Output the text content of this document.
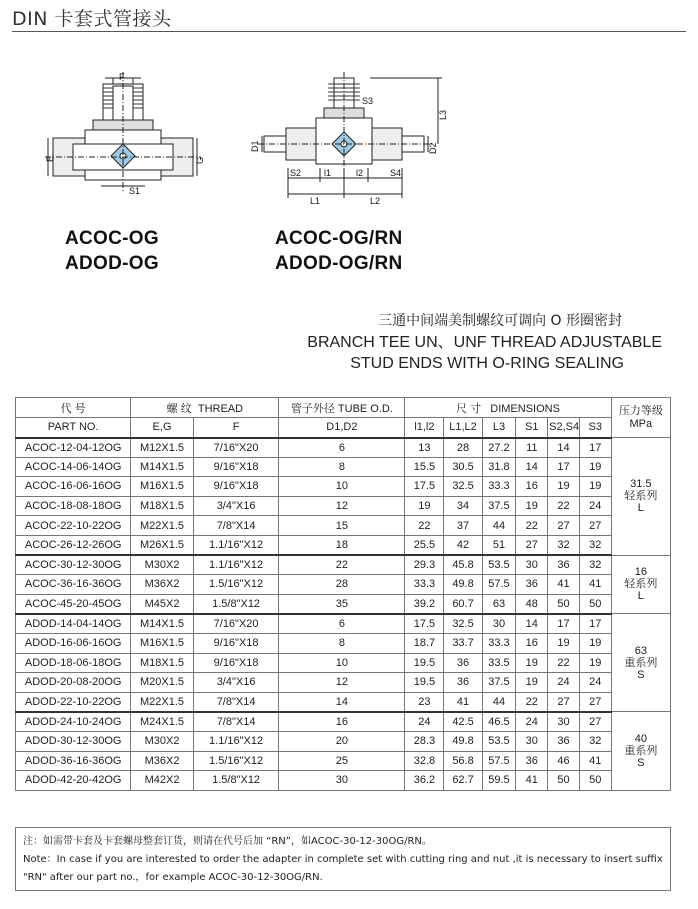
DIN 卡套式管接头
F
E	G
S1
S3
L3
D1	D2
S2	l1	l2	S4
L1	L2
ACOC-OG
ADOD-OG
ACOC-OG/RN
ADOD-OG/RN
三通中间端美制螺纹可调向 O 形圈密封
BRANCH TEE UN、UNF THREAD ADJUSTABLE
STUD ENDS WITH O-RING SEALING
代 号	螺 纹 THREAD		管子外径 TUBE O.D.	尺 寸 DIMENSIONS						压力等级
MPa
PART NO.	E,G	F	D1,D2	l1,l2	L1,L2	L3	S1	S2,S4	S3	
ACOC-12-04-12OG	M12X1.5	7/16"X20	6	13	28	27.2	11	14	17	31.5
轻系列
L

ACOC-14-06-14OG	M14X1.5	9/16"X18	8	15.5	30.5	31.8	14	17	19	
ACOC-16-06-16OG	M16X1.5	9/16"X18	10	17.5	32.5	33.3	16	19	19	
ACOC-18-08-18OG	M18X1.5	3/4"X16	12	19	34	37.5	19	22	24	
ACOC-22-10-22OG	M22X1.5	7/8"X14	15	22	37	44	22	27	27	
ACOC-26-12-26OG	M26X1.5	1.1/16"X12	18	25.5	42	51	27	32	32	
ACOC-30-12-30OG	M30X2	1.1/16"X12	22	29.3	45.8	53.5	30	36	32	16
轻系列
L

ACOC-36-16-36OG	M36X2	1.5/16"X12	28	33.3	49.8	57.5	36	41	41	
ACOC-45-20-45OG	M45X2	1.5/8"X12	35	39.2	60.7	63	48	50	50	
ADOD-14-04-14OG	M14X1.5	7/16"X20	6	17.5	32.5	30	14	17	17	63
重系列
S

ADOD-16-06-16OG	M16X1.5	9/16"X18	8	18.7	33.7	33.3	16	19	19	
ADOD-18-06-18OG	M18X1.5	9/16"X18	10	19.5	36	33.5	19	22	19	
ADOD-20-08-20OG	M20X1.5	3/4"X16	12	19.5	36	37.5	19	24	24	
ADOD-22-10-22OG	M22X1.5	7/8"X14	14	23	41	44	22	27	27	
ADOD-24-10-24OG	M24X1.5	7/8"X14	16	24	42.5	46.5	24	30	27	40
重系列
S

ADOD-30-12-30OG	M30X2	1.1/16"X12	20	28.3	49.8	53.5	30	36	32	
ADOD-36-16-36OG	M36X2	1.5/16"X12	25	32.8	56.8	57.5	36	46	41	
ADOD-42-20-42OG	M42X2	1.5/8"X12	30	36.2	62.7	59.5	41	50	50	
注：如需带卡套及卡套螺母整套订货，则请在代号后加 “RN”，如ACOC-30-12-30OG/RN。
Note：In case if you are interested to order the adapter in complete set with cutting ring and nut ,it is necessary to insert suffix
"RN" after our part no.，for example ACOC-30-12-30OG/RN.
